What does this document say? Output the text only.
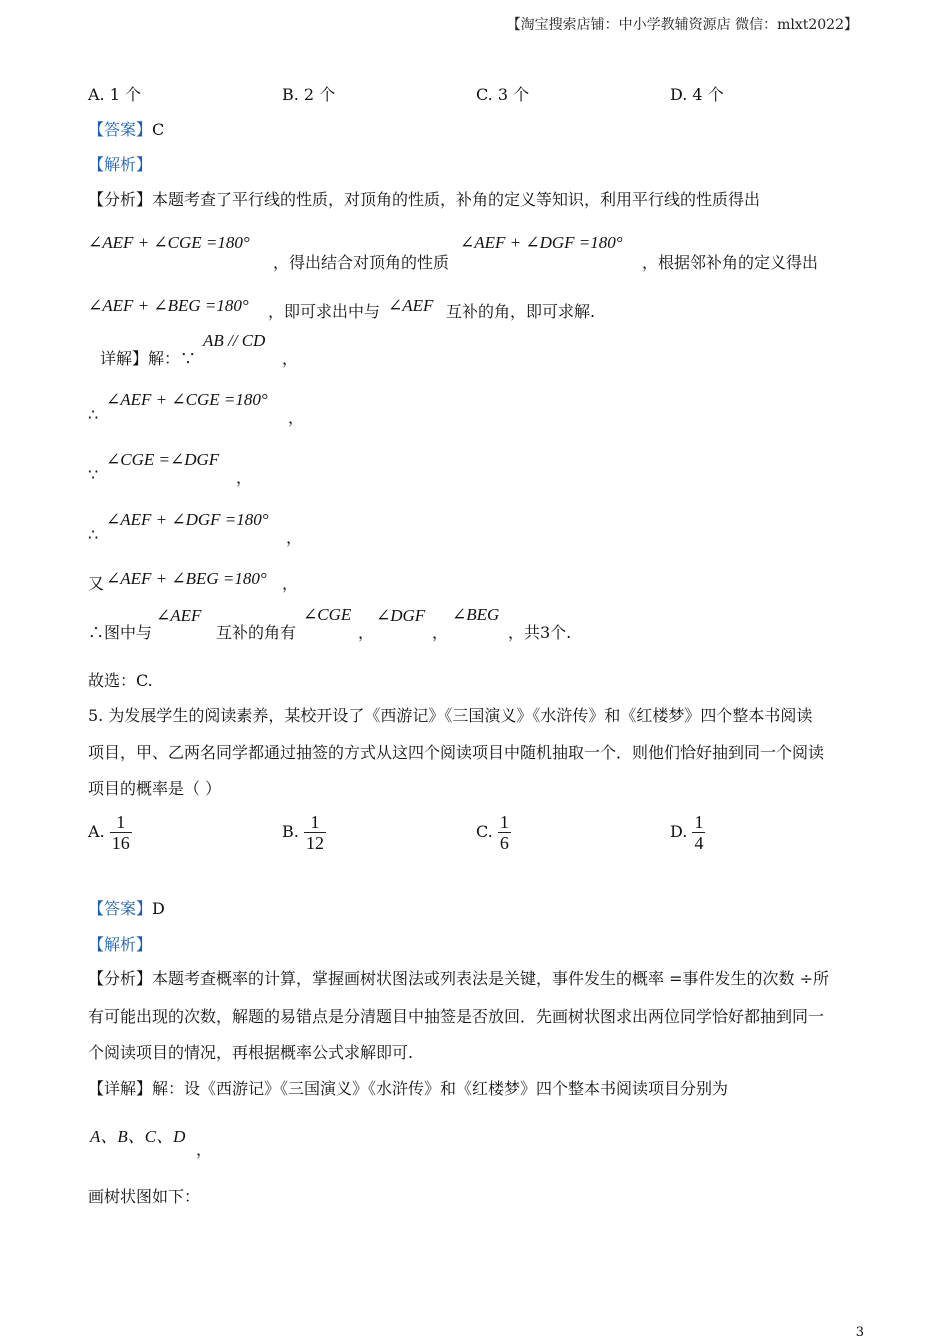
【淘宝搜索店铺：中小学教辅资源店 微信：mlxt2022】
A. 1 个	B. 2 个	C. 3 个	D. 4 个
【答案】C
【解析】
【分析】本题考查了平行线的性质，对顶角的性质，补角的定义等知识，利用平行线的性质得出
∠AEF + ∠CGE =180°
，得出结合对顶角的性质
∠AEF + ∠DGF =180°
，根据邻补角的定义得出
∠AEF + ∠BEG =180° ，即可求出中与 ∠AEF 互补的角，即可求解.
详解】解：∵
AB // CD
，
∴
∠AEF + ∠CGE =180°
，
∵
∠CGE =∠DGF
，
∴
∠AEF + ∠DGF =180°
，
又 ∠AEF + ∠BEG =180° ，
∴图中与
∠AEF
互补的角有
∠CGE
，
∠DGF
，
∠BEG
，共3个.
故选：C.
5. 为发展学生的阅读素养，某校开设了《西游记》《三国演义》《水浒传》和《红楼梦》四个整本书阅读
项目，甲、乙两名同学都通过抽签的方式从这四个阅读项目中随机抽取一个．则他们恰好抽到同一个阅读
项目的概率是（ ）
A. $\frac{1}{16}$	B. $\frac{1}{12}$	C. $\frac{1}{6}$	D. $\frac{1}{4}$
【答案】D
【解析】
【分析】本题考查概率的计算，掌握画树状图法或列表法是关键，事件发生的概率 =事件发生的次数 ÷所
有可能出现的次数，解题的易错点是分清题目中抽签是否放回．先画树状图求出两位同学恰好都抽到同一
个阅读项目的情况，再根据概率公式求解即可.
【详解】解：设《西游记》《三国演义》《水浒传》和《红楼梦》四个整本书阅读项目分别为
A、B、C、D
，
画树状图如下：
3
